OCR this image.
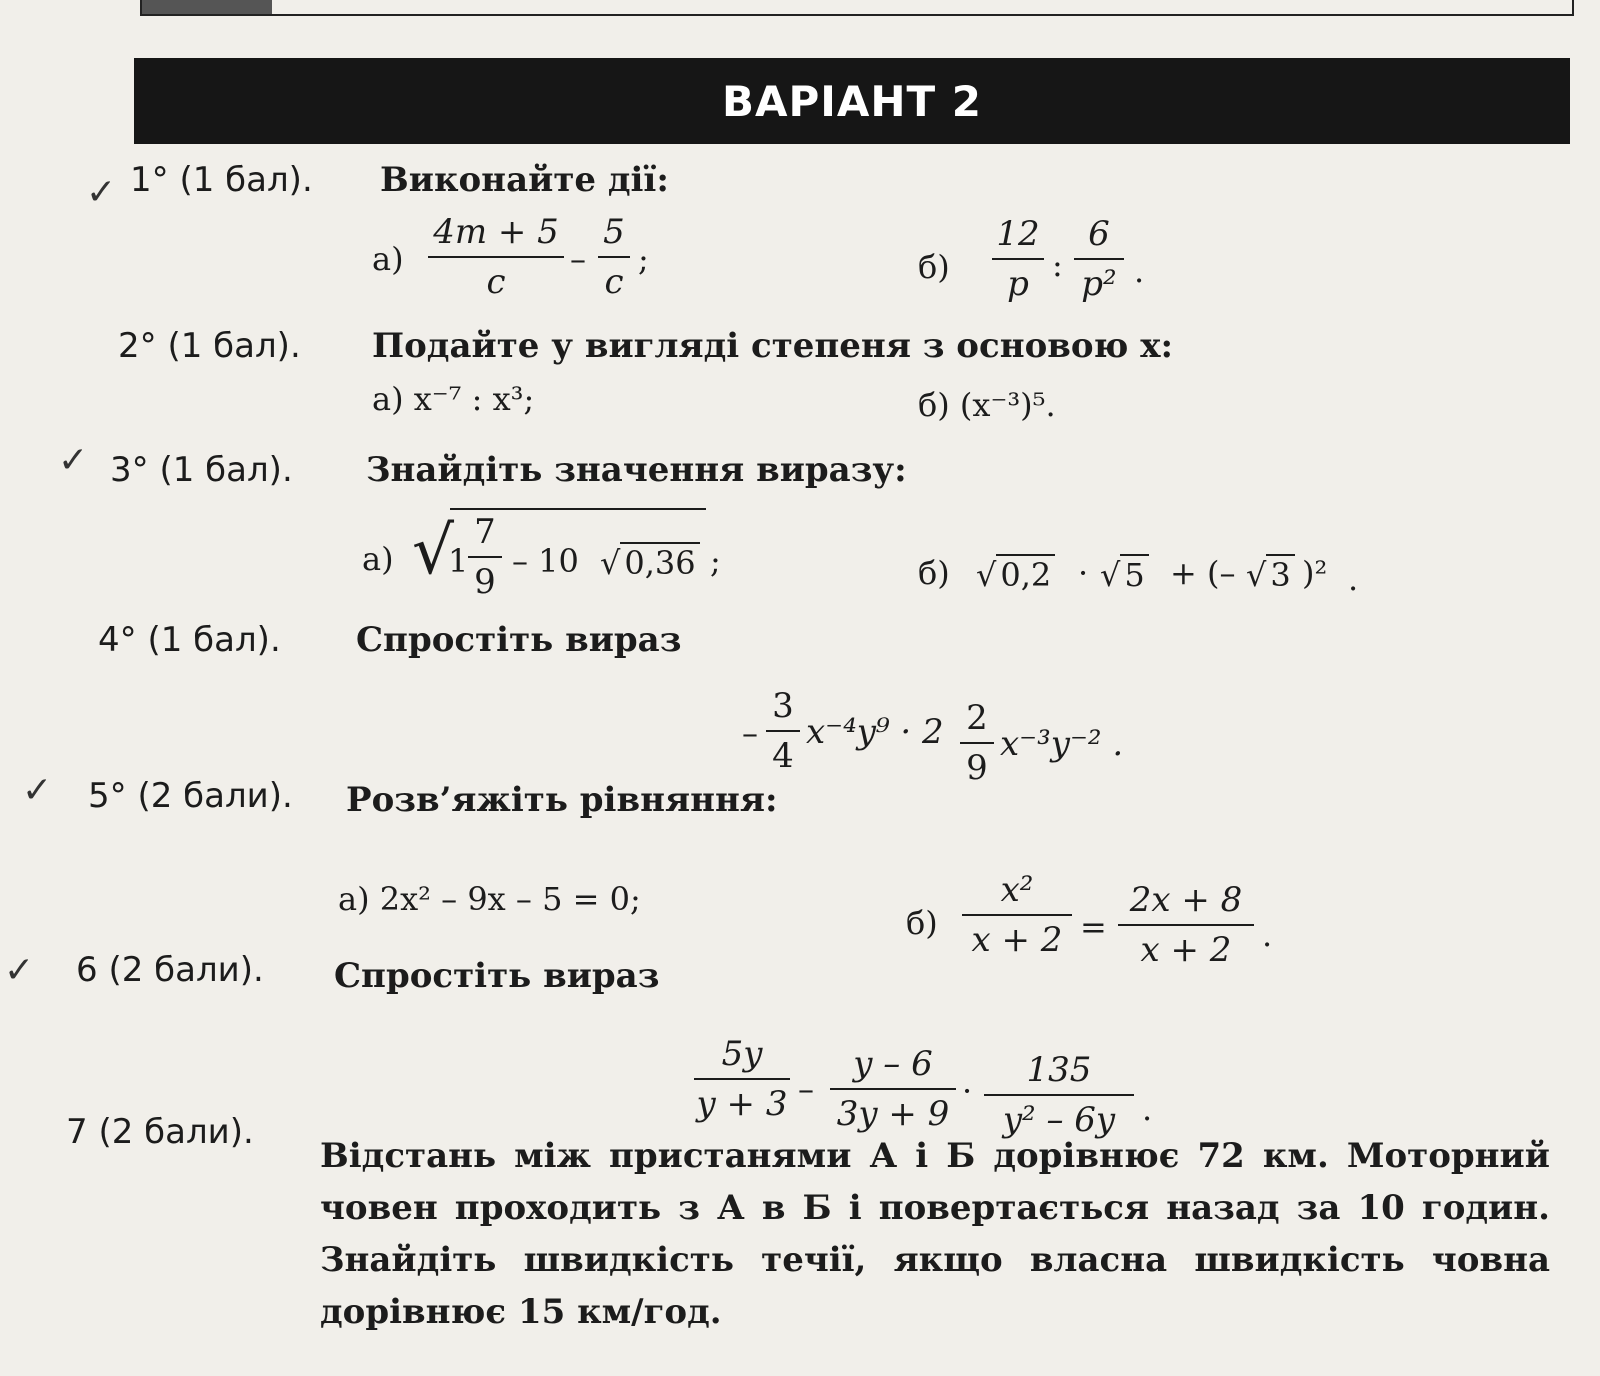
ВАРІАНТ 2
✓
✓
✓
✓
1° (1 бал). Виконайте дії:
$а) \frac{4m + 5}{c} - \frac{5}{c}$ ;	$б) \frac{12}{p}$ : $\frac{6}{\text{p²}}$ .
2° (1 бал). Подайте у вигляді степеня з основою x:
а) x⁻⁷ : x³;	б) (x⁻³)⁵.
3° (1 бал). Знайдіть значення виразу:
а) √
$1 \frac{7}{9} - 10$ √ 0,36 ;	б) √ 0,2 · √ 5 + (– √ 3 )² .
4° (1 бал). Спростіть вираз
– $\frac{3}{4} x^{-4}y^9 \cdot 2 \frac{2}{9} x^{-3}y^{-2}$ .
5° (2 бали). Розв’яжіть рівняння:
а) 2x² – 9x – 5 = 0;
$б) \frac{\text{x²}}{x + 2} = \frac{2x + 8}{x + 2}$ .
6 (2 бали). Спростіть вираз
$\frac{5y}{y + 3} - \frac{y - 6}{3y + 9} \cdot \frac{135}{\text{y² – 6y}}$ .
7 (2 бали).
Відстань між пристанями А і Б дорівнює 72 км. Моторний човен проходить з А в Б і повертається назад за 10 годин. Знайдіть швидкість течії, якщо власна швидкість човна дорівнює 15 км/год.
